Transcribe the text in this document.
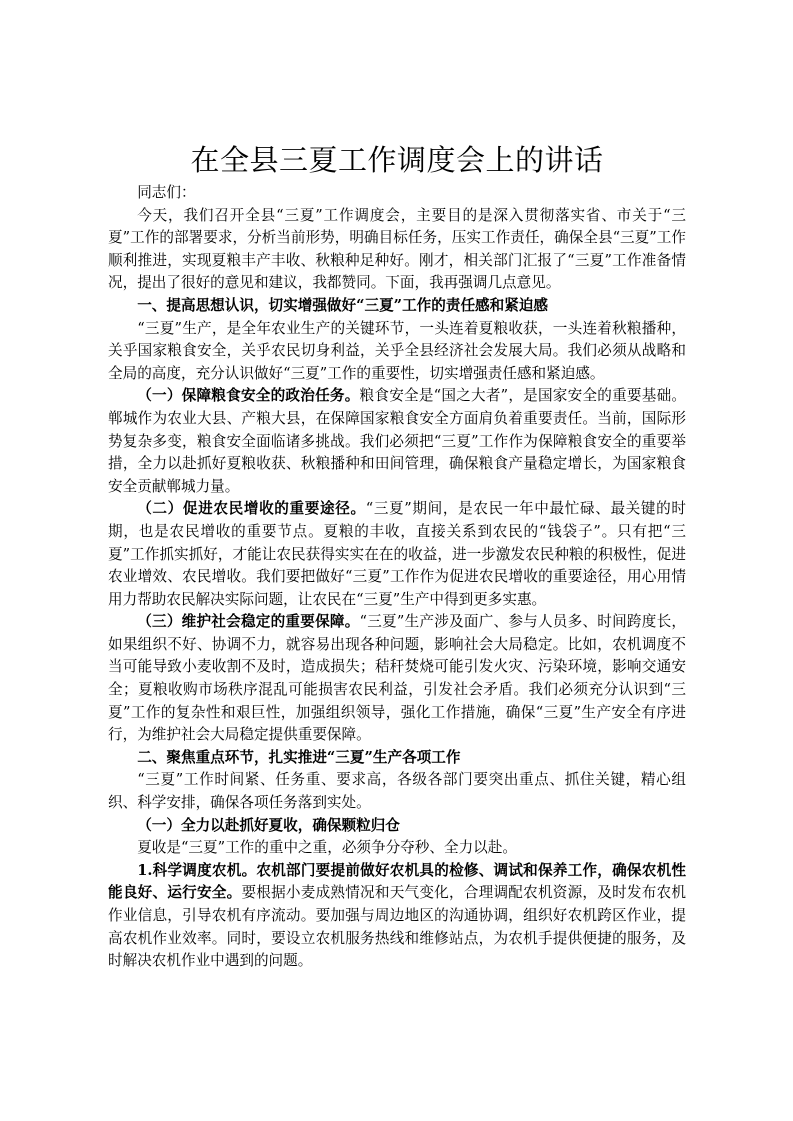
在全县三夏工作调度会上的讲话

同志们：

今天，我们召开全县“三夏”工作调度会，主要目的是深入贯彻落实省、市关于“三夏”工作的部署要求，分析当前形势，明确目标任务，压实工作责任，确保全县“三夏”工作顺利推进，实现夏粮丰产丰收、秋粮种足种好。刚才，相关部门汇报了“三夏”工作准备情况，提出了很好的意见和建议，我都赞同。下面，我再强调几点意见。

一、提高思想认识，切实增强做好“三夏”工作的责任感和紧迫感

“三夏”生产，是全年农业生产的关键环节，一头连着夏粮收获，一头连着秋粮播种，关乎国家粮食安全，关乎农民切身利益，关乎全县经济社会发展大局。我们必须从战略和全局的高度，充分认识做好“三夏”工作的重要性，切实增强责任感和紧迫感。

（一）保障粮食安全的政治任务。粮食安全是“国之大者”，是国家安全的重要基础。郸城作为农业大县、产粮大县，在保障国家粮食安全方面肩负着重要责任。当前，国际形势复杂多变，粮食安全面临诸多挑战。我们必须把“三夏”工作作为保障粮食安全的重要举措，全力以赴抓好夏粮收获、秋粮播种和田间管理，确保粮食产量稳定增长，为国家粮食安全贡献郸城力量。

（二）促进农民增收的重要途径。“三夏”期间，是农民一年中最忙碌、最关键的时期，也是农民增收的重要节点。夏粮的丰收，直接关系到农民的“钱袋子”。只有把“三夏”工作抓实抓好，才能让农民获得实实在在的收益，进一步激发农民种粮的积极性，促进农业增效、农民增收。我们要把做好“三夏”工作作为促进农民增收的重要途径，用心用情用力帮助农民解决实际问题，让农民在“三夏”生产中得到更多实惠。

（三）维护社会稳定的重要保障。“三夏”生产涉及面广、参与人员多、时间跨度长，如果组织不好、协调不力，就容易出现各种问题，影响社会大局稳定。比如，农机调度不当可能导致小麦收割不及时，造成损失；秸秆焚烧可能引发火灾、污染环境，影响交通安全；夏粮收购市场秩序混乱可能损害农民利益，引发社会矛盾。我们必须充分认识到“三夏”工作的复杂性和艰巨性，加强组织领导，强化工作措施，确保“三夏”生产安全有序进行，为维护社会大局稳定提供重要保障。

二、聚焦重点环节，扎实推进“三夏”生产各项工作

“三夏”工作时间紧、任务重、要求高，各级各部门要突出重点、抓住关键，精心组织、科学安排，确保各项任务落到实处。

（一）全力以赴抓好夏收，确保颗粒归仓

夏收是“三夏”工作的重中之重，必须争分夺秒、全力以赴。

1.科学调度农机。农机部门要提前做好农机具的检修、调试和保养工作，确保农机性能良好、运行安全。要根据小麦成熟情况和天气变化，合理调配农机资源，及时发布农机作业信息，引导农机有序流动。要加强与周边地区的沟通协调，组织好农机跨区作业，提高农机作业效率。同时，要设立农机服务热线和维修站点，为农机手提供便捷的服务，及时解决农机作业中遇到的问题。
